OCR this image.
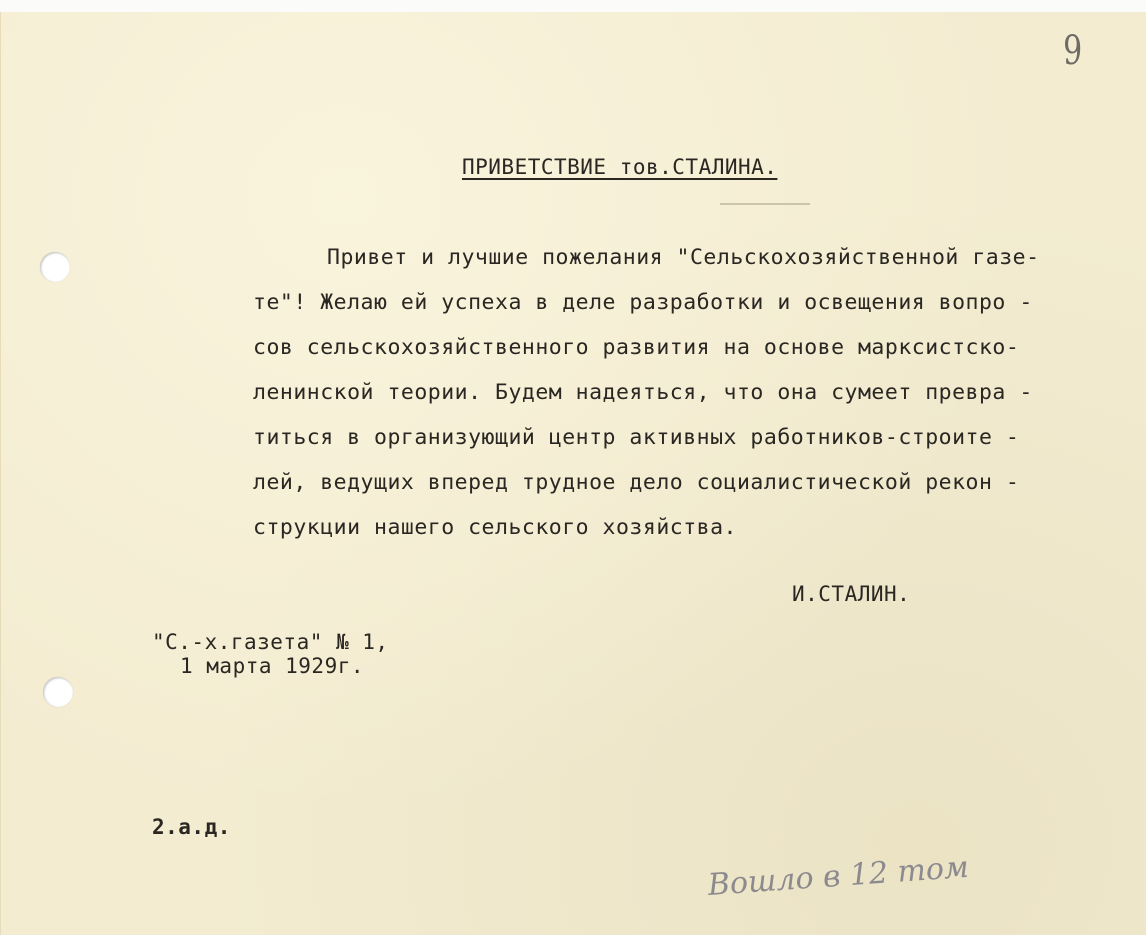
9
ПРИВЕТСТВИЕ тов.СТАЛИНА.
Привет и лучшие пожелания "Сельскохозяйственной газе-
те"! Желаю ей успеха в деле разработки и освещения вопро -
сов сельскохозяйственного развития на основе марксистско-
ленинской теории. Будем надеяться, что она сумеет превра -
титься в организующий центр активных работников-строите -
лей, ведущих вперед трудное дело социалистической рекон -
струкции нашего сельского хозяйства.
И.СТАЛИН.
"С.-х.газета" № 1,
1 марта 1929г.
2.а.д.
Вошло в 12 том
